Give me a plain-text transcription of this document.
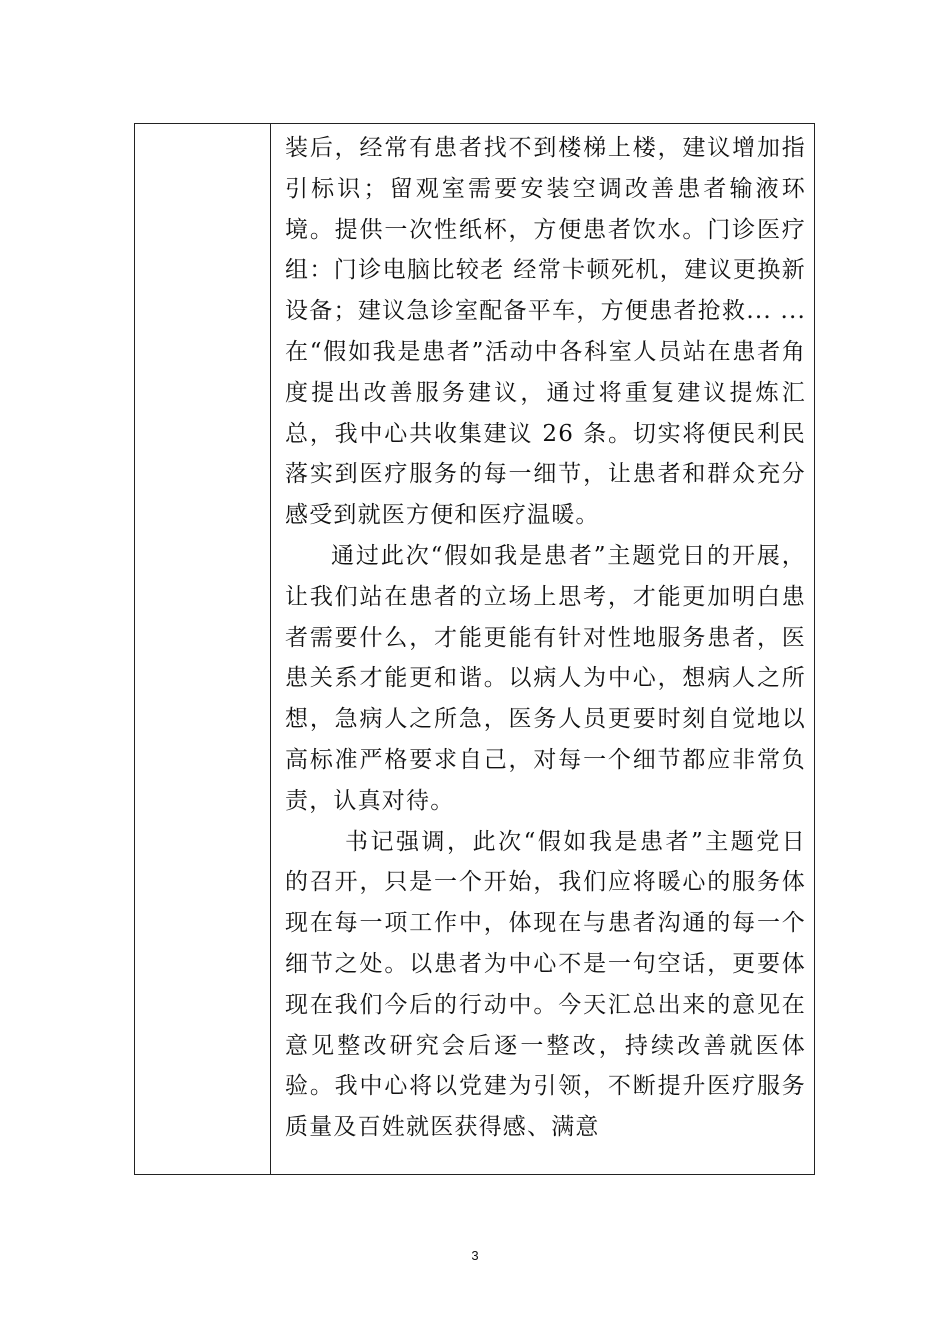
装后，经常有患者找不到楼梯上楼，建议增加指引标识；留观室需要安装空调改善患者输液环境。提供一次性纸杯，方便患者饮水。门诊医疗组：门诊电脑比较老 经常卡顿死机，建议更换新设备；建议急诊室配备平车，方便患者抢救... ...在“假如我是患者”活动中各科室人员站在患者角度提出改善服务建议，通过将重复建议提炼汇总，我中心共收集建议 26 条。切实将便民利民落实到医疗服务的每一细节，让患者和群众充分感受到就医方便和医疗温暖。

通过此次“假如我是患者”主题党日的开展，让我们站在患者的立场上思考，才能更加明白患者需要什么，才能更能有针对性地服务患者，医患关系才能更和谐。以病人为中心，想病人之所想，急病人之所急，医务人员更要时刻自觉地以高标准严格要求自己，对每一个细节都应非常负责，认真对待。

书记强调，此次“假如我是患者”主题党日的召开，只是一个开始，我们应将暖心的服务体现在每一项工作中，体现在与患者沟通的每一个细节之处。以患者为中心不是一句空话，更要体现在我们今后的行动中。今天汇总出来的意见在意见整改研究会后逐一整改，持续改善就医体验。我中心将以党建为引领，不断提升医疗服务质量及百姓就医获得感、满意

3
